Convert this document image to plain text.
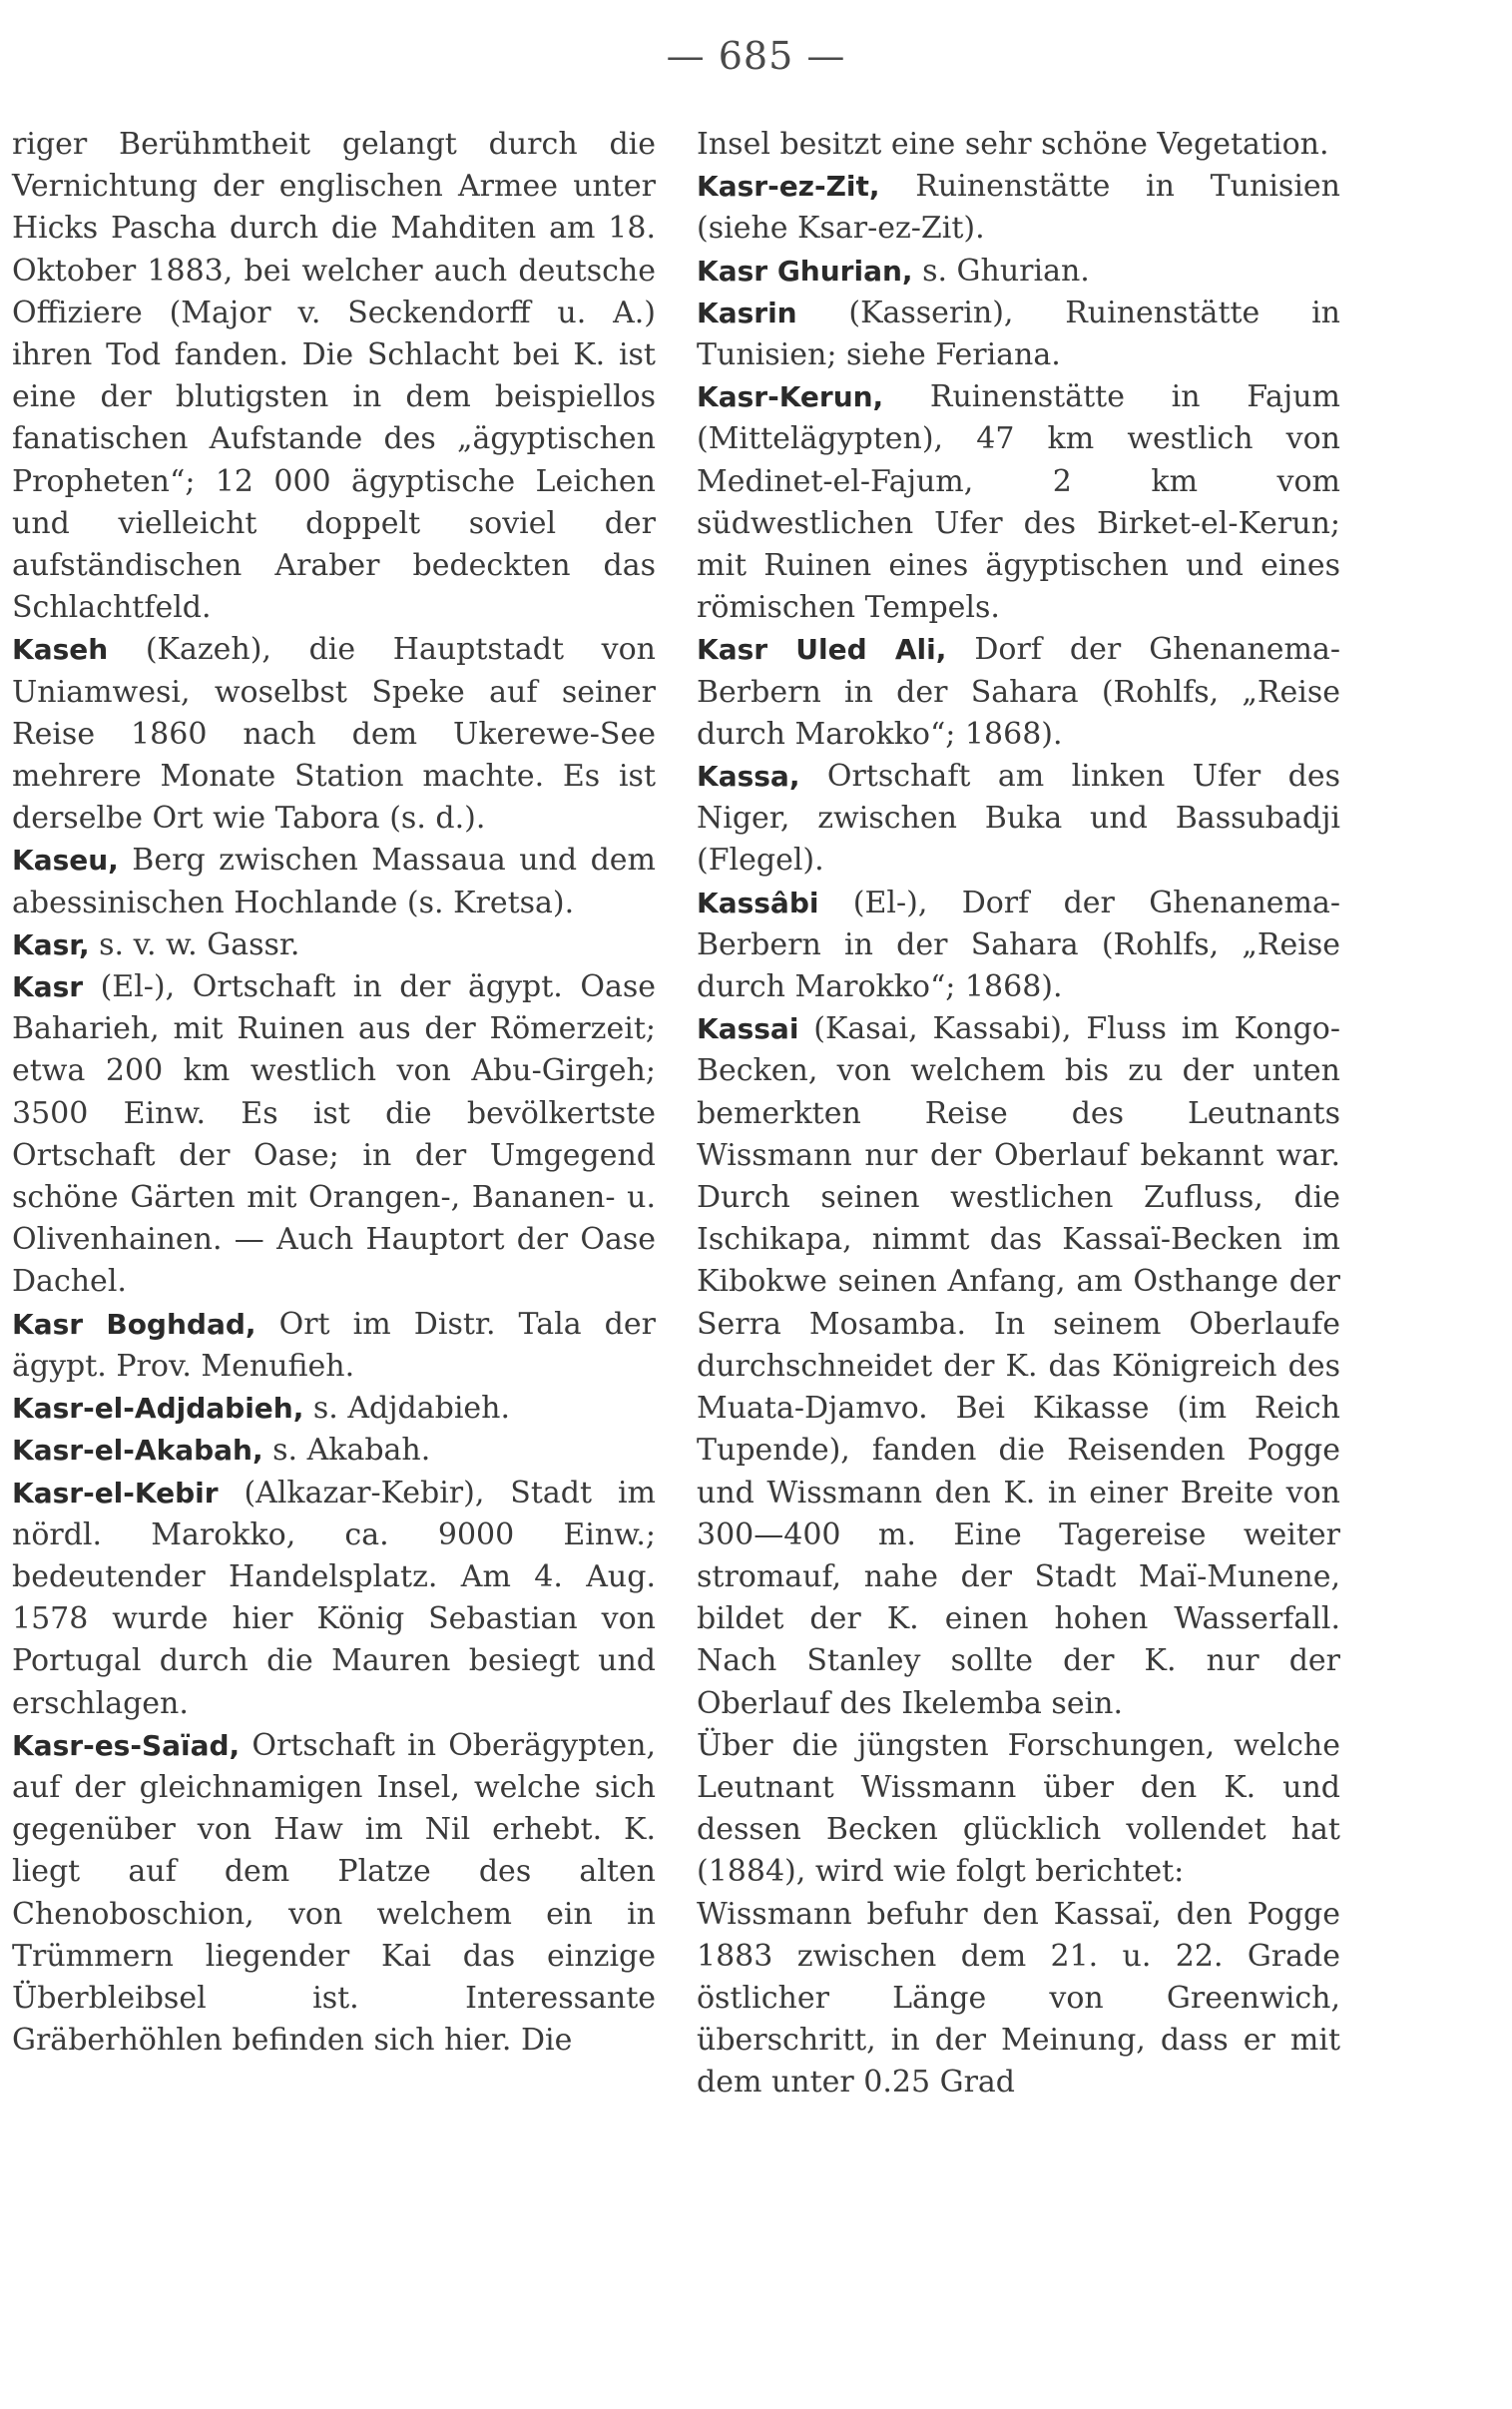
— 685 —

riger Berühmtheit gelangt durch die Vernichtung der englischen Armee unter Hicks Pascha durch die Mahditen am 18. Oktober 1883, bei welcher auch deutsche Offiziere (Major v. Seckendorff u. A.) ihren Tod fanden. Die Schlacht bei K. ist eine der blutigsten in dem beispiellos fanatischen Aufstande des „ägyptischen Propheten“; 12 000 ägyptische Leichen und vielleicht doppelt soviel der aufständischen Araber bedeckten das Schlachtfeld.

Kaseh (Kazeh), die Hauptstadt von Uniamwesi, woselbst Speke auf seiner Reise 1860 nach dem Ukerewe-See mehrere Monate Station machte. Es ist derselbe Ort wie Tabora (s. d.).

Kaseu, Berg zwischen Massaua und dem abessinischen Hochlande (s. Kretsa).

Kasr, s. v. w. Gassr.

Kasr (El-), Ortschaft in der ägypt. Oase Baharieh, mit Ruinen aus der Römerzeit; etwa 200 km westlich von Abu-Girgeh; 3500 Einw. Es ist die bevölkertste Ortschaft der Oase; in der Umgegend schöne Gärten mit Orangen-, Bananen- u. Olivenhainen. — Auch Hauptort der Oase Dachel.

Kasr Boghdad, Ort im Distr. Tala der ägypt. Prov. Menufieh.

Kasr-el-Adjdabieh, s. Adjdabieh.

Kasr-el-Akabah, s. Akabah.

Kasr-el-Kebir (Alkazar-Kebir), Stadt im nördl. Marokko, ca. 9000 Einw.; bedeutender Handelsplatz. Am 4. Aug. 1578 wurde hier König Sebastian von Portugal durch die Mauren besiegt und erschlagen.

Kasr-es-Saïad, Ortschaft in Oberägypten, auf der gleichnamigen Insel, welche sich gegenüber von Haw im Nil erhebt. K. liegt auf dem Platze des alten Chenoboschion, von welchem ein in Trümmern liegender Kai das einzige Überbleibsel ist. Interessante Gräberhöhlen befinden sich hier. Die

Insel besitzt eine sehr schöne Vegetation.

Kasr-ez-Zit, Ruinenstätte in Tunisien (siehe Ksar-ez-Zit).

Kasr Ghurian, s. Ghurian.

Kasrin (Kasserin), Ruinenstätte in Tunisien; siehe Feriana.

Kasr-Kerun, Ruinenstätte in Fajum (Mittelägypten), 47 km westlich von Medinet-el-Fajum, 2 km vom südwestlichen Ufer des Birket-el-Kerun; mit Ruinen eines ägyptischen und eines römischen Tempels.

Kasr Uled Ali, Dorf der Ghenanema-Berbern in der Sahara (Rohlfs, „Reise durch Marokko“; 1868).

Kassa, Ortschaft am linken Ufer des Niger, zwischen Buka und Bassubadji (Flegel).

Kassâbi (El-), Dorf der Ghenanema-Berbern in der Sahara (Rohlfs, „Reise durch Marokko“; 1868).

Kassai (Kasai, Kassabi), Fluss im Kongo-Becken, von welchem bis zu der unten bemerkten Reise des Leutnants Wissmann nur der Oberlauf bekannt war. Durch seinen westlichen Zufluss, die Ischikapa, nimmt das Kassaï-Becken im Kibokwe seinen Anfang, am Osthange der Serra Mosamba. In seinem Oberlaufe durchschneidet der K. das Königreich des Muata-Djamvo. Bei Kikasse (im Reich Tupende), fanden die Reisenden Pogge und Wissmann den K. in einer Breite von 300—400 m. Eine Tagereise weiter stromauf, nahe der Stadt Maï-Munene, bildet der K. einen hohen Wasserfall. Nach Stanley sollte der K. nur der Oberlauf des Ikelemba sein.

Über die jüngsten Forschungen, welche Leutnant Wissmann über den K. und dessen Becken glücklich vollendet hat (1884), wird wie folgt berichtet:

Wissmann befuhr den Kassaï, den Pogge 1883 zwischen dem 21. u. 22. Grade östlicher Länge von Greenwich, überschritt, in der Meinung, dass er mit dem unter 0.25 Grad
